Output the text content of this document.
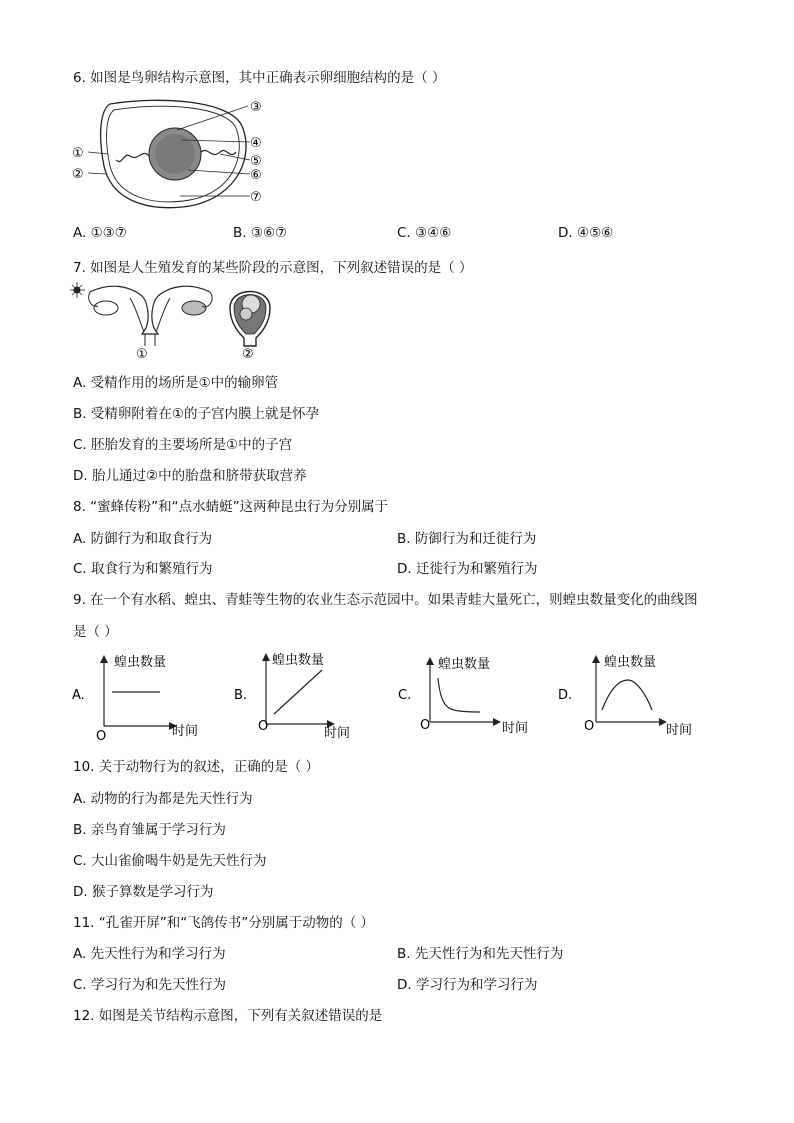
6. 如图是鸟卵结构示意图，其中正确表示卵细胞结构的是（ ）
①
②
③
④
⑤
⑥
⑦
A. ①③⑦	B. ③⑥⑦	C. ③④⑥	D. ④⑤⑥
7. 如图是人生殖发育的某些阶段的示意图，下列叙述错误的是（ ）
①	②
A. 受精作用的场所是①中的输卵管
B. 受精卵附着在①的子宫内膜上就是怀孕
C. 胚胎发育的主要场所是①中的子宫
D. 胎儿通过②中的胎盘和脐带获取营养
8. “蜜蜂传粉”和“点水蜻蜓”这两种昆虫行为分别属于
A. 防御行为和取食行为	B. 防御行为和迁徙行为
C. 取食行为和繁殖行为	D. 迁徙行为和繁殖行为
9. 在一个有水稻、蝗虫、青蛙等生物的农业生态示范园中。如果青蛙大量死亡，则蝗虫数量变化的曲线图
是（ ）
A.
蝗虫数量
O	时间
B.
蝗虫数量
O	时间
C.
蝗虫数量
O	时间
D.
蝗虫数量
O	时间
10. 关于动物行为的叙述，正确的是（ ）
A. 动物的行为都是先天性行为
B. 亲鸟育雏属于学习行为
C. 大山雀偷喝牛奶是先天性行为
D. 猴子算数是学习行为
11. “孔雀开屏”和“飞鸽传书”分别属于动物的（ ）
A. 先天性行为和学习行为	B. 先天性行为和先天性行为
C. 学习行为和先天性行为	D. 学习行为和学习行为
12. 如图是关节结构示意图，下列有关叙述错误的是
